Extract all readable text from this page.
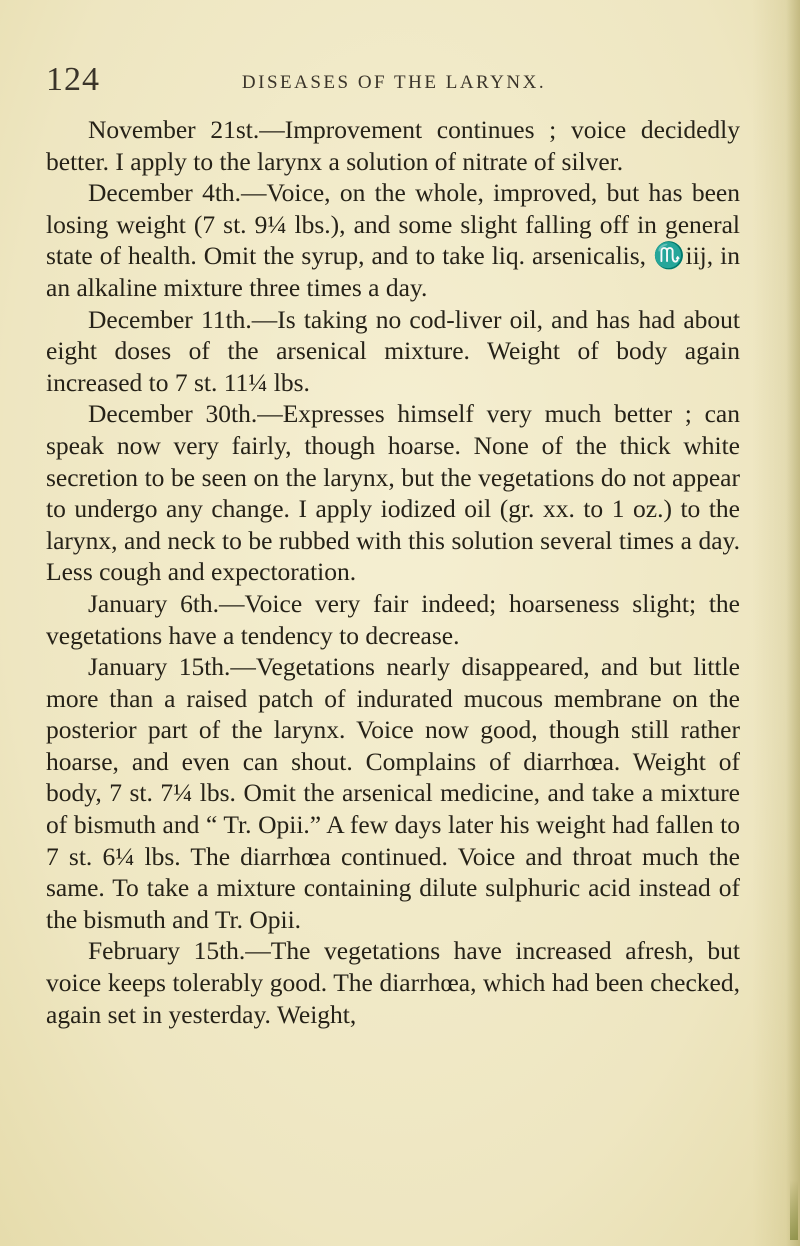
124	DISEASES OF THE LARYNX.

November 21st.—Improvement continues ; voice decidedly better. I apply to the larynx a solution of nitrate of silver.

December 4th.—Voice, on the whole, improved, but has been losing weight (7 st. 9¼ lbs.), and some slight falling off in general state of health. Omit the syrup, and to take liq. arsenicalis, ♏iij, in an alkaline mixture three times a day.

December 11th.—Is taking no cod-liver oil, and has had about eight doses of the arsenical mixture. Weight of body again increased to 7 st. 11¼ lbs.

December 30th.—Expresses himself very much better ; can speak now very fairly, though hoarse. None of the thick white secretion to be seen on the larynx, but the vegetations do not appear to undergo any change. I apply iodized oil (gr. xx. to 1 oz.) to the larynx, and neck to be rubbed with this solution several times a day. Less cough and expectoration.

January 6th.—Voice very fair indeed; hoarseness slight; the vegetations have a tendency to decrease.

January 15th.—Vegetations nearly disappeared, and but little more than a raised patch of indurated mucous membrane on the posterior part of the larynx. Voice now good, though still rather hoarse, and even can shout. Complains of diarrhœa. Weight of body, 7 st. 7¼ lbs. Omit the arsenical medicine, and take a mixture of bismuth and “ Tr. Opii.” A few days later his weight had fallen to 7 st. 6¼ lbs. The diarrhœa continued. Voice and throat much the same. To take a mixture containing dilute sulphuric acid instead of the bismuth and Tr. Opii.

February 15th.—The vegetations have increased afresh, but voice keeps tolerably good. The diarrhœa, which had been checked, again set in yesterday. Weight,
